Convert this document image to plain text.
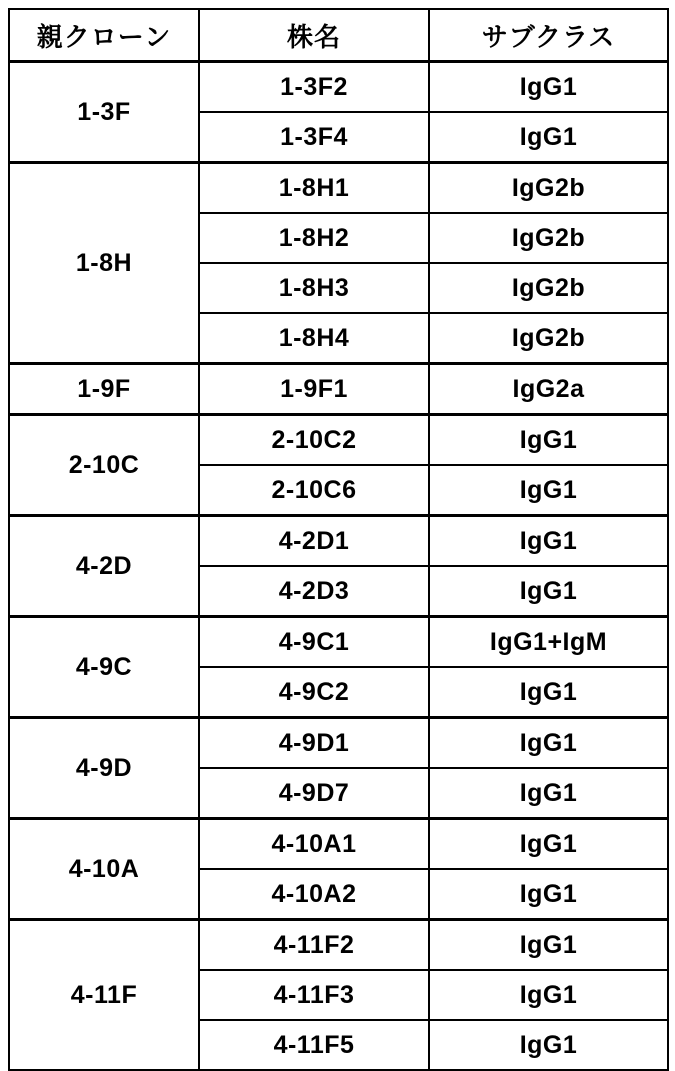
親クローン	株名	サブクラス
1-3F	1-3F2	IgG1
	1-3F4	IgG1
1-8H	1-8H1	IgG2b
	1-8H2	IgG2b
	1-8H3	IgG2b
	1-8H4	IgG2b
1-9F	1-9F1	IgG2a
2-10C	2-10C2	IgG1
	2-10C6	IgG1
4-2D	4-2D1	IgG1
	4-2D3	IgG1
4-9C	4-9C1	IgG1+IgM
	4-9C2	IgG1
4-9D	4-9D1	IgG1
	4-9D7	IgG1
4-10A	4-10A1	IgG1
	4-10A2	IgG1
4-11F	4-11F2	IgG1
	4-11F3	IgG1
	4-11F5	IgG1
